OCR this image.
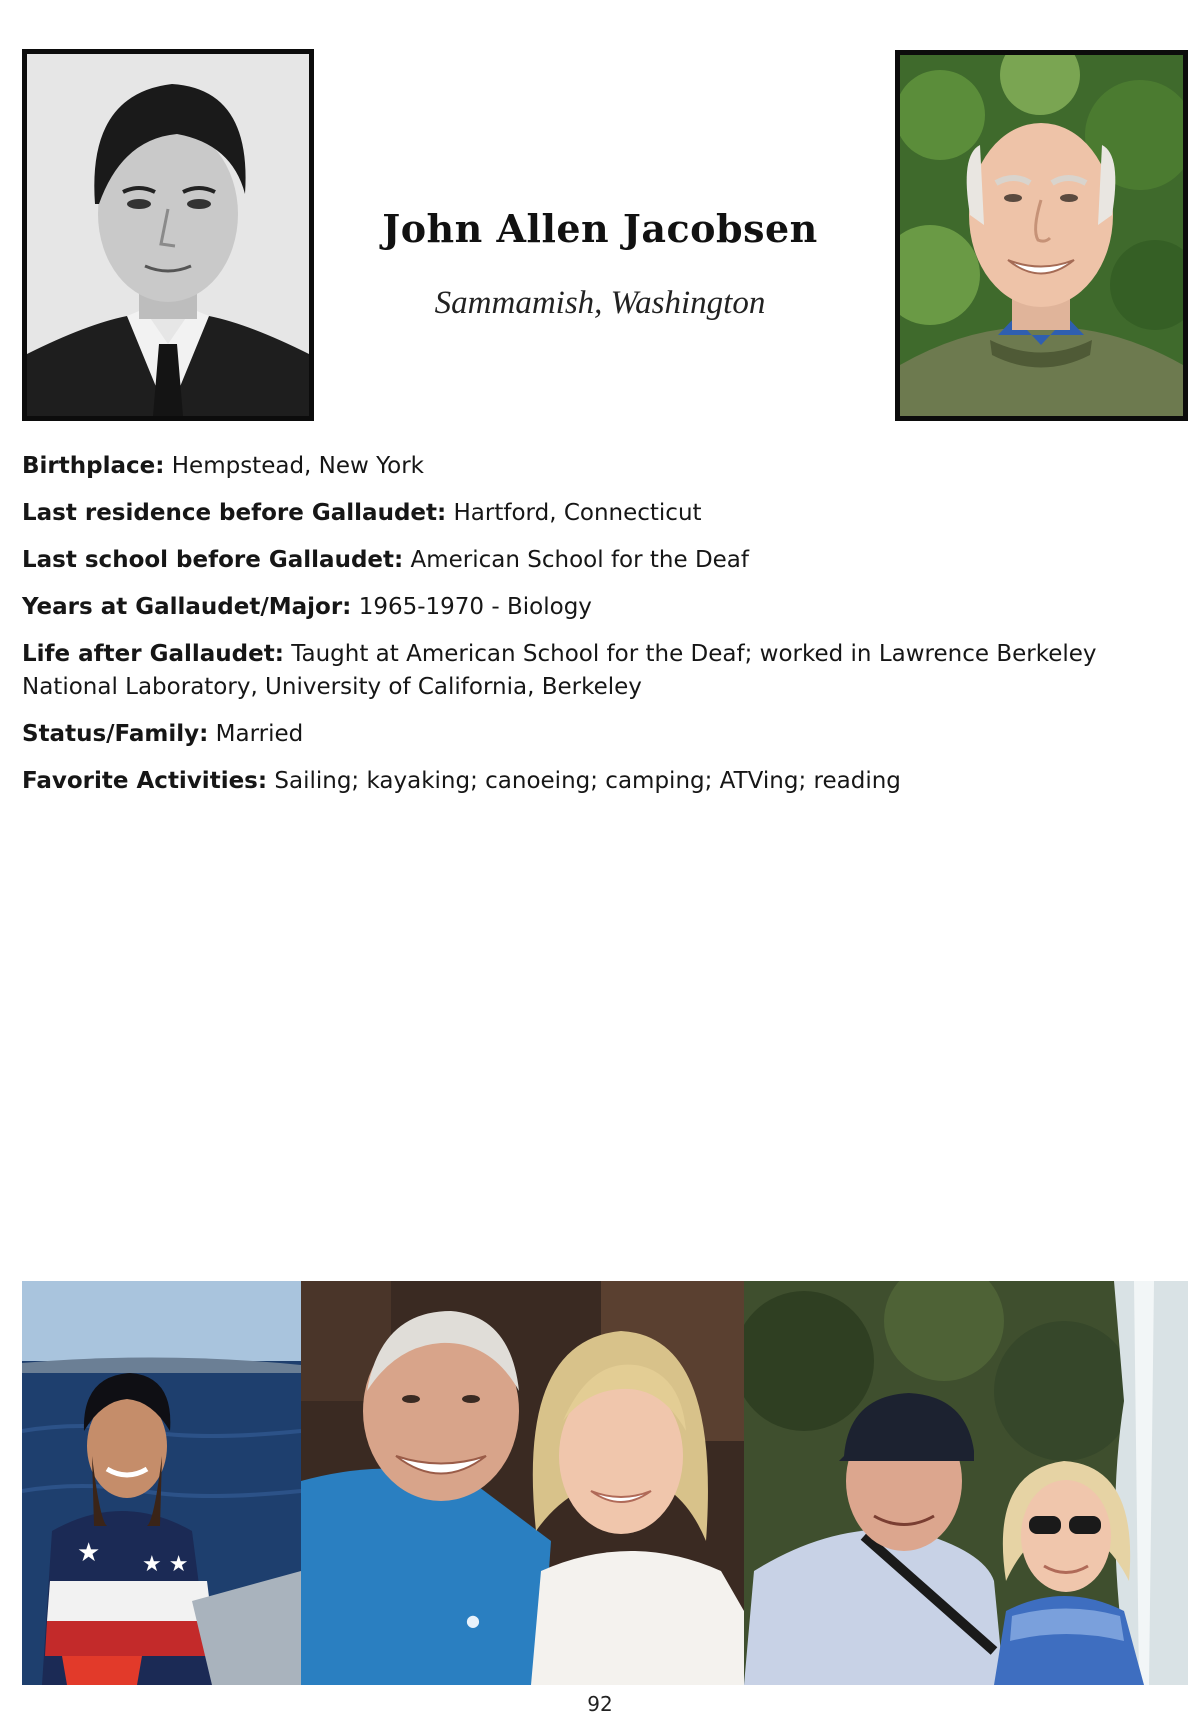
John Allen Jacobsen
Sammamish, Washington
Birthplace: Hempstead, New York
Last residence before Gallaudet: Hartford, Connecticut
Last school before Gallaudet: American School for the Deaf
Years at Gallaudet/Major: 1965-1970 - Biology
Life after Gallaudet: Taught at American School for the Deaf; worked in Lawrence Berkeley National Laboratory, University of California, Berkeley
Status/Family: Married
Favorite Activities: Sailing; kayaking; canoeing; camping; ATVing; reading
★ ★ ★
●
92
